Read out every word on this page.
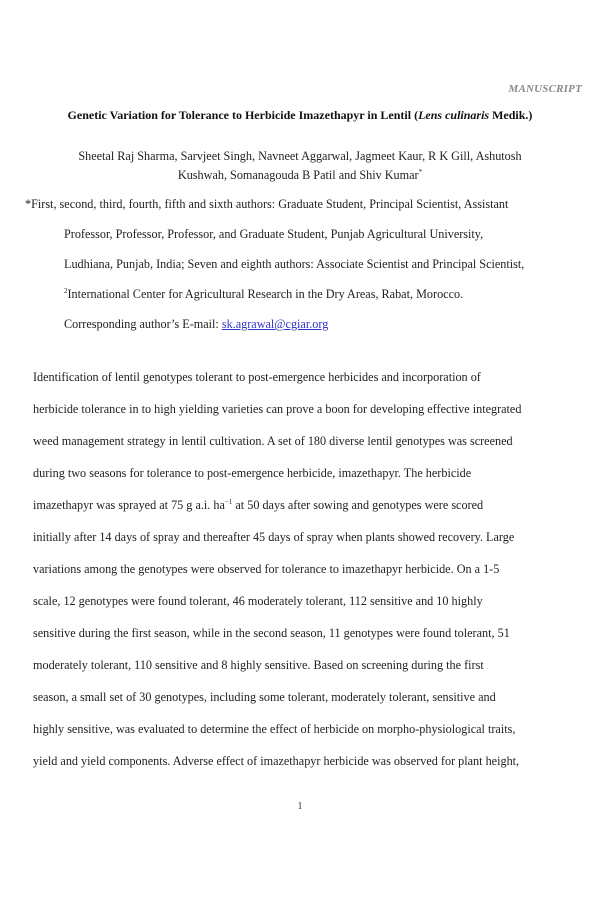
MANUSCRIPT
Genetic Variation for Tolerance to Herbicide Imazethapyr in Lentil (Lens culinaris Medik.)
Sheetal Raj Sharma, Sarvjeet Singh, Navneet Aggarwal, Jagmeet Kaur, R K Gill, Ashutosh
Kushwah, Somanagouda B Patil and Shiv Kumar*
*First, second, third, fourth, fifth and sixth authors: Graduate Student, Principal Scientist, Assistant
Professor, Professor, Professor, and Graduate Student, Punjab Agricultural University,
Ludhiana, Punjab, India; Seven and eighth authors: Associate Scientist and Principal Scientist,
$^2$International Center for Agricultural Research in the Dry Areas, Rabat, Morocco.
Corresponding author’s E-mail: sk.agrawal@cgiar.org
Identification of lentil genotypes tolerant to post-emergence herbicides and incorporation of
herbicide tolerance in to high yielding varieties can prove a boon for developing effective integrated
weed management strategy in lentil cultivation. A set of 180 diverse lentil genotypes was screened
during two seasons for tolerance to post-emergence herbicide, imazethapyr. The herbicide
imazethapyr was sprayed at 75 g a.i. $ha^{-1}$ at 50 days after sowing and genotypes were scored
initially after 14 days of spray and thereafter 45 days of spray when plants showed recovery. Large
variations among the genotypes were observed for tolerance to imazethapyr herbicide. On a 1-5
scale, 12 genotypes were found tolerant, 46 moderately tolerant, 112 sensitive and 10 highly
sensitive during the first season, while in the second season, 11 genotypes were found tolerant, 51
moderately tolerant, 110 sensitive and 8 highly sensitive. Based on screening during the first
season, a small set of 30 genotypes, including some tolerant, moderately tolerant, sensitive and
highly sensitive, was evaluated to determine the effect of herbicide on morpho-physiological traits,
yield and yield components. Adverse effect of imazethapyr herbicide was observed for plant height,
1
